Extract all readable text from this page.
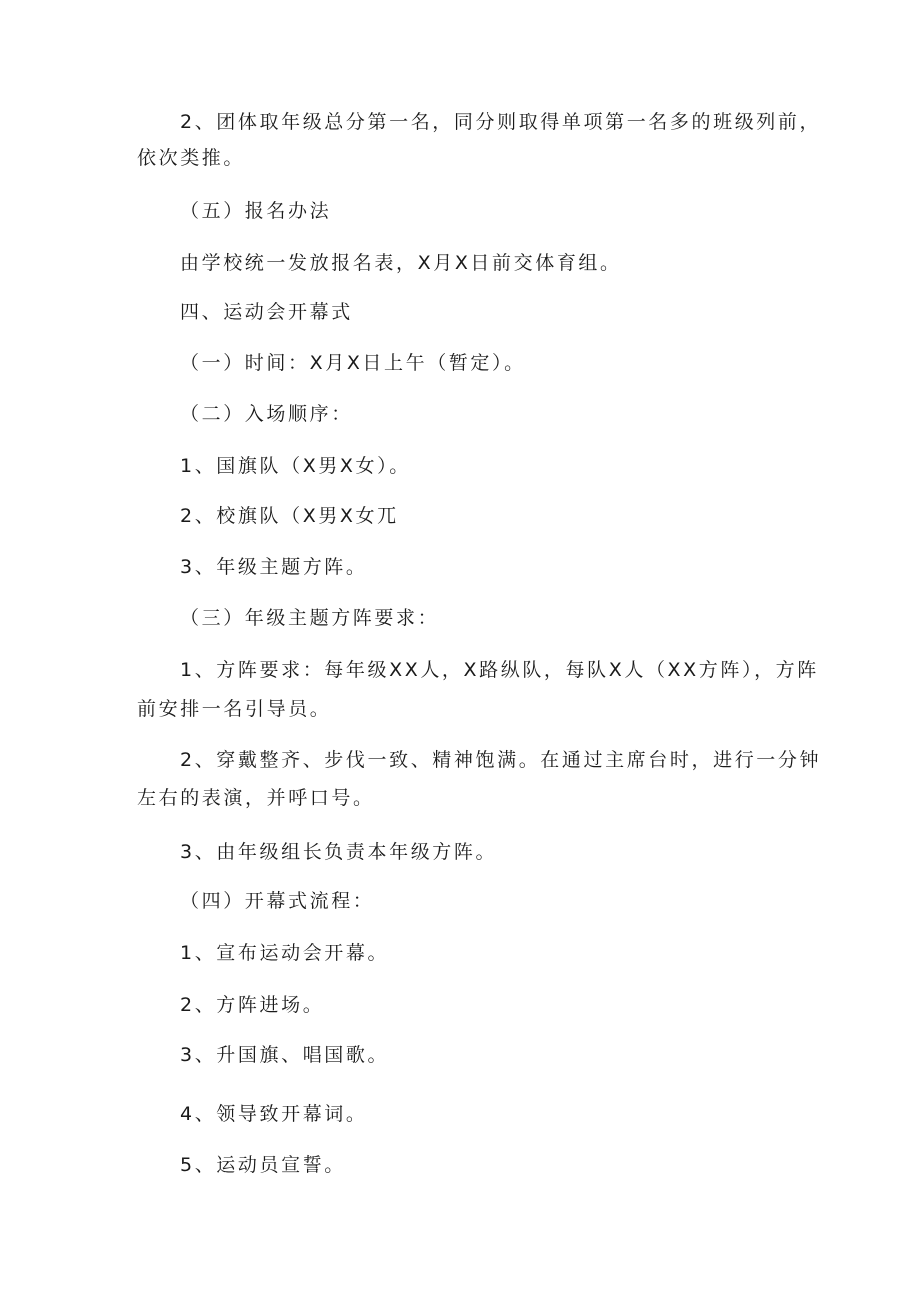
2、团体取年级总分第一名，同分则取得单项第一名多的班级列前，
依次类推。
（五）报名办法
由学校统一发放报名表，X月X日前交体育组。
四、运动会开幕式
（一）时间：X月X日上午（暂定）。
（二）入场顺序：
1、国旗队（X男X女）。
2、校旗队（X男X女兀
3、年级主题方阵。
（三）年级主题方阵要求：
1、方阵要求：每年级XX人，X路纵队，每队X人（XX方阵），方阵
前安排一名引导员。
2、穿戴整齐、步伐一致、精神饱满。在通过主席台时，进行一分钟
左右的表演，并呼口号。
3、由年级组长负责本年级方阵。
（四）开幕式流程：
1、宣布运动会开幕。
2、方阵进场。
3、升国旗、唱国歌。
4、领导致开幕词。
5、运动员宣誓。
